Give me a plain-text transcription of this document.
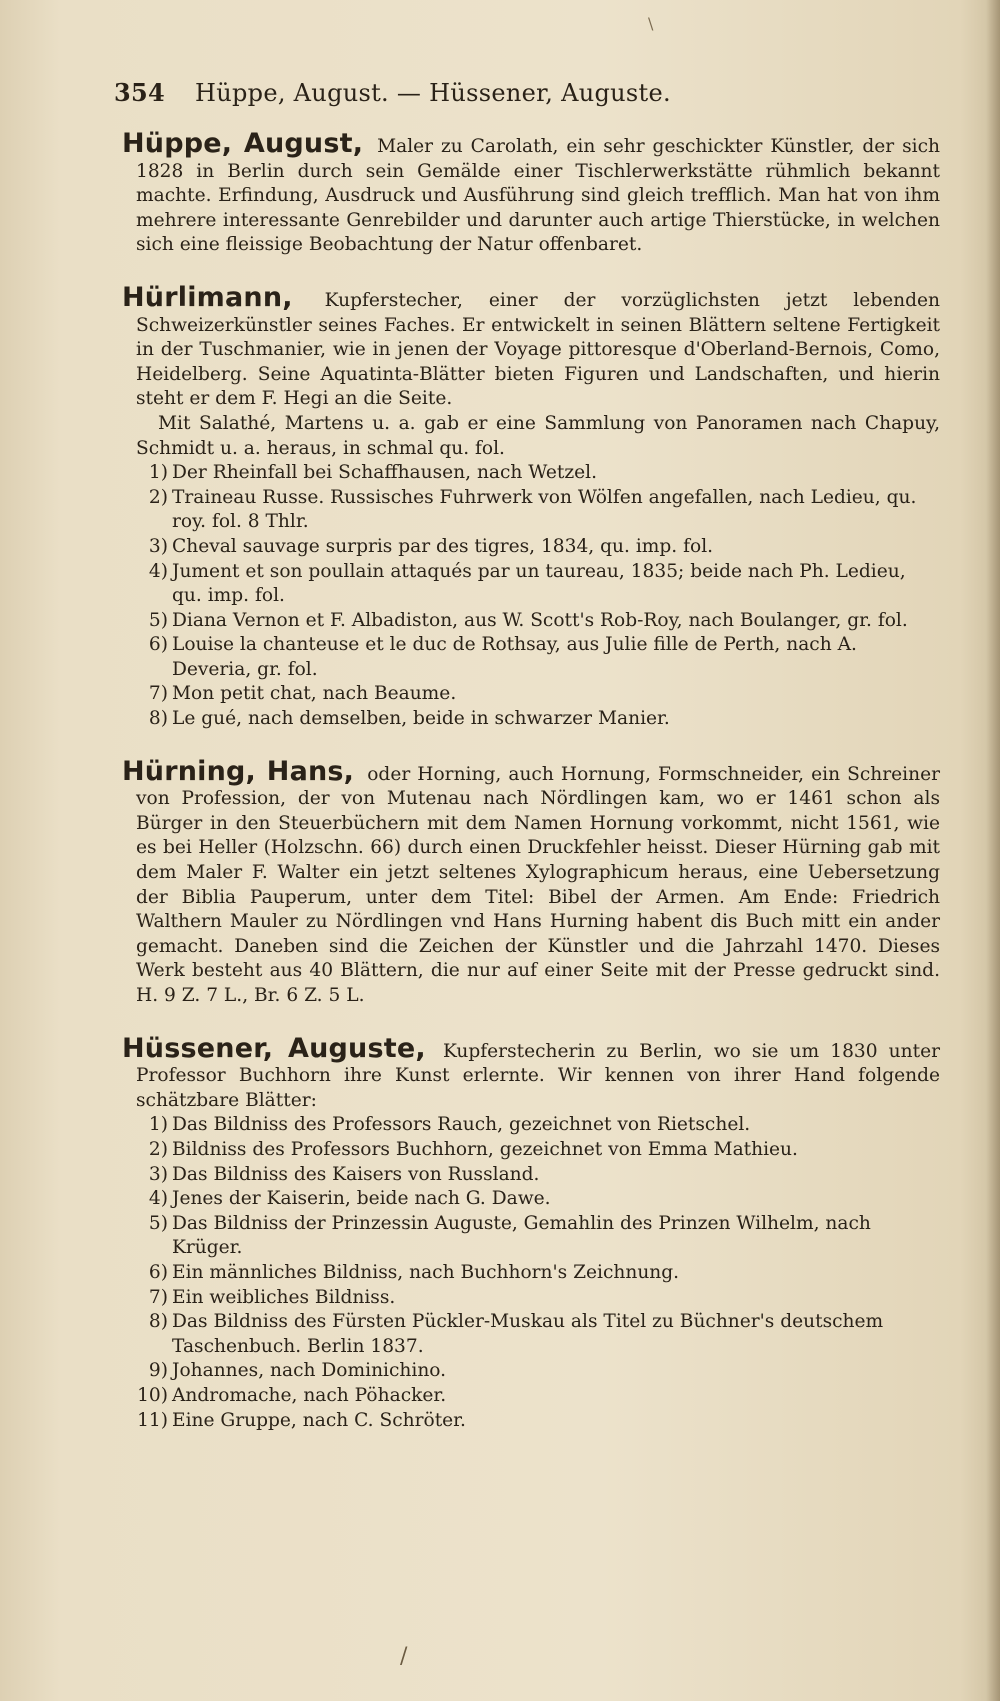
\
354 Hüppe, August. — Hüssener, Auguste.

Hüppe, August, Maler zu Carolath, ein sehr geschickter Künstler, der sich 1828 in Berlin durch sein Gemälde einer Tischlerwerkstätte rühmlich bekannt machte. Erfindung, Ausdruck und Ausführung sind gleich trefflich. Man hat von ihm mehrere interessante Genrebilder und darunter auch artige Thierstücke, in welchen sich eine fleissige Beobachtung der Natur offenbaret.

Hürlimann, Kupferstecher, einer der vorzüglichsten jetzt lebenden Schweizerkünstler seines Faches. Er entwickelt in seinen Blättern seltene Fertigkeit in der Tuschmanier, wie in jenen der Voyage pittoresque d'Oberland-Bernois, Como, Heidelberg. Seine Aquatinta-Blätter bieten Figuren und Landschaften, und hierin steht er dem F. Hegi an die Seite.

Mit Salathé, Martens u. a. gab er eine Sammlung von Panoramen nach Chapuy, Schmidt u. a. heraus, in schmal qu. fol.

1) Der Rheinfall bei Schaffhausen, nach Wetzel.
2) Traineau Russe. Russisches Fuhrwerk von Wölfen angefallen, nach Ledieu, qu. roy. fol. 8 Thlr.
3) Cheval sauvage surpris par des tigres, 1834, qu. imp. fol.
4) Jument et son poullain attaqués par un taureau, 1835; beide nach Ph. Ledieu, qu. imp. fol.
5) Diana Vernon et F. Albadiston, aus W. Scott's Rob-Roy, nach Boulanger, gr. fol.
6) Louise la chanteuse et le duc de Rothsay, aus Julie fille de Perth, nach A. Deveria, gr. fol.
7) Mon petit chat, nach Beaume.
8) Le gué, nach demselben, beide in schwarzer Manier.

Hürning, Hans, oder Horning, auch Hornung, Formschneider, ein Schreiner von Profession, der von Mutenau nach Nördlingen kam, wo er 1461 schon als Bürger in den Steuerbüchern mit dem Namen Hornung vorkommt, nicht 1561, wie es bei Heller (Holzschn. 66) durch einen Druckfehler heisst. Dieser Hürning gab mit dem Maler F. Walter ein jetzt seltenes Xylographicum heraus, eine Uebersetzung der Biblia Pauperum, unter dem Titel: Bibel der Armen. Am Ende: Friedrich Walthern Mauler zu Nördlingen vnd Hans Hurning habent dis Buch mitt ein ander gemacht. Daneben sind die Zeichen der Künstler und die Jahrzahl 1470. Dieses Werk besteht aus 40 Blättern, die nur auf einer Seite mit der Presse gedruckt sind. H. 9 Z. 7 L., Br. 6 Z. 5 L.

Hüssener, Auguste, Kupferstecherin zu Berlin, wo sie um 1830 unter Professor Buchhorn ihre Kunst erlernte. Wir kennen von ihrer Hand folgende schätzbare Blätter:

1) Das Bildniss des Professors Rauch, gezeichnet von Rietschel.
2) Bildniss des Professors Buchhorn, gezeichnet von Emma Mathieu.
3) Das Bildniss des Kaisers von Russland.
4) Jenes der Kaiserin, beide nach G. Dawe.
5) Das Bildniss der Prinzessin Auguste, Gemahlin des Prinzen Wilhelm, nach Krüger.
6) Ein männliches Bildniss, nach Buchhorn's Zeichnung.
7) Ein weibliches Bildniss.
8) Das Bildniss des Fürsten Pückler-Muskau als Titel zu Büchner's deutschem Taschenbuch. Berlin 1837.
9) Johannes, nach Dominichino.
10) Andromache, nach Pöhacker.
11) Eine Gruppe, nach C. Schröter.
/
